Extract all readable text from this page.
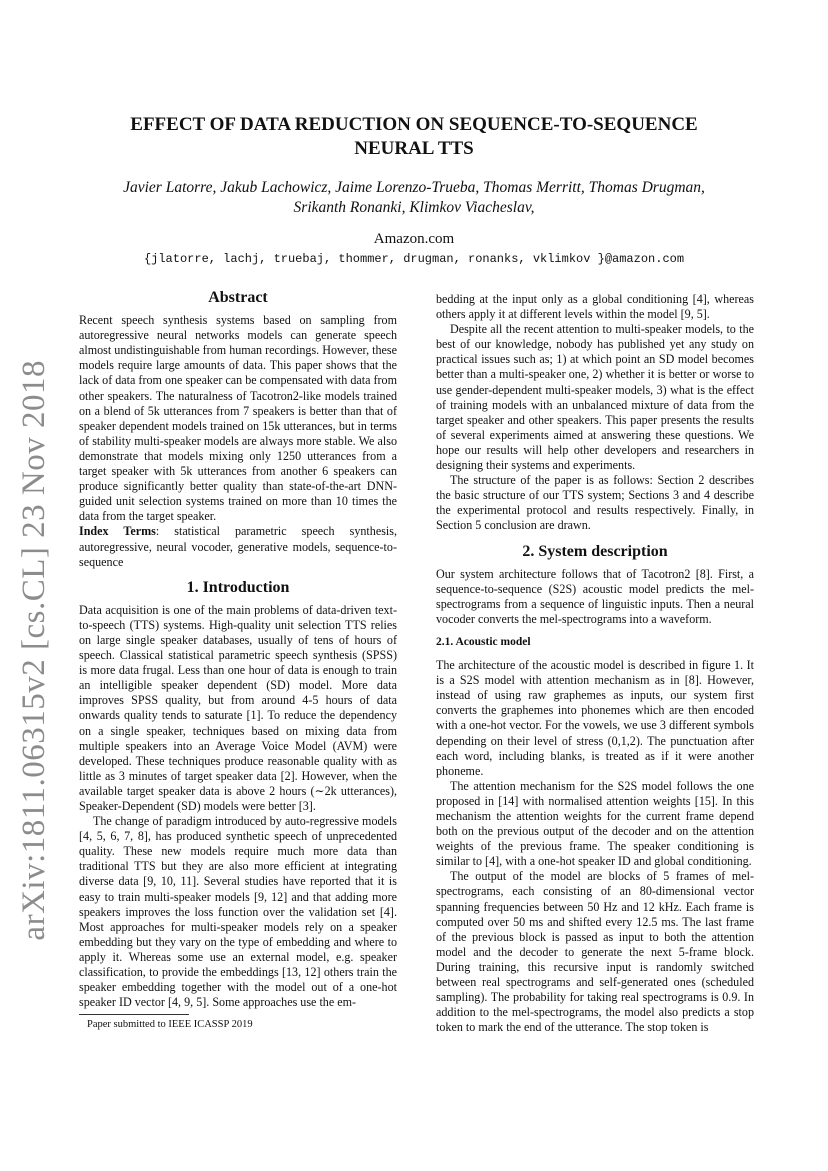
arXiv:1811.06315v2 [cs.CL] 23 Nov 2018
EFFECT OF DATA REDUCTION ON SEQUENCE-TO-SEQUENCE
NEURAL TTS
Javier Latorre, Jakub Lachowicz, Jaime Lorenzo-Trueba, Thomas Merritt, Thomas Drugman,
Srikanth Ronanki, Klimkov Viacheslav,
Amazon.com
{jlatorre, lachj, truebaj, thommer, drugman, ronanks, vklimkov }@amazon.com
Abstract

Recent speech synthesis systems based on sampling from autoregressive neural networks models can generate speech almost undistinguishable from human recordings. However, these models require large amounts of data. This paper shows that the lack of data from one speaker can be compensated with data from other speakers. The naturalness of Tacotron2-like models trained on a blend of 5k utterances from 7 speakers is better than that of speaker dependent models trained on 15k utterances, but in terms of stability multi-speaker models are always more stable. We also demonstrate that models mixing only 1250 utterances from a target speaker with 5k utterances from another 6 speakers can produce significantly better quality than state-of-the-art DNN-guided unit selection systems trained on more than 10 times the data from the target speaker.

Index Terms: statistical parametric speech synthesis, autoregressive, neural vocoder, generative models, sequence-to-sequence

1. Introduction

Data acquisition is one of the main problems of data-driven text-to-speech (TTS) systems. High-quality unit selection TTS relies on large single speaker databases, usually of tens of hours of speech. Classical statistical parametric speech synthesis (SPSS) is more data frugal. Less than one hour of data is enough to train an intelligible speaker dependent (SD) model. More data improves SPSS quality, but from around 4-5 hours of data onwards quality tends to saturate [1]. To reduce the dependency on a single speaker, techniques based on mixing data from multiple speakers into an Average Voice Model (AVM) were developed. These techniques produce reasonable quality with as little as 3 minutes of target speaker data [2]. However, when the available target speaker data is above 2 hours (∼2k utterances), Speaker-Dependent (SD) models were better [3].

The change of paradigm introduced by auto-regressive models [4, 5, 6, 7, 8], has produced synthetic speech of unprecedented quality. These new models require much more data than traditional TTS but they are also more efficient at integrating diverse data [9, 10, 11]. Several studies have reported that it is easy to train multi-speaker models [9, 12] and that adding more speakers improves the loss function over the validation set [4]. Most approaches for multi-speaker models rely on a speaker embedding but they vary on the type of embedding and where to apply it. Whereas some use an external model, e.g. speaker classification, to provide the embeddings [13, 12] others train the speaker embedding together with the model out of a one-hot speaker ID vector [4, 9, 5]. Some approaches use the em-

bedding at the input only as a global conditioning [4], whereas others apply it at different levels within the model [9, 5].

Despite all the recent attention to multi-speaker models, to the best of our knowledge, nobody has published yet any study on practical issues such as; 1) at which point an SD model becomes better than a multi-speaker one, 2) whether it is better or worse to use gender-dependent multi-speaker models, 3) what is the effect of training models with an unbalanced mixture of data from the target speaker and other speakers. This paper presents the results of several experiments aimed at answering these questions. We hope our results will help other developers and researchers in designing their systems and experiments.

The structure of the paper is as follows: Section 2 describes the basic structure of our TTS system; Sections 3 and 4 describe the experimental protocol and results respectively. Finally, in Section 5 conclusion are drawn.

2. System description

Our system architecture follows that of Tacotron2 [8]. First, a sequence-to-sequence (S2S) acoustic model predicts the mel-spectrograms from a sequence of linguistic inputs. Then a neural vocoder converts the mel-spectrograms into a waveform.

2.1. Acoustic model

The architecture of the acoustic model is described in figure 1. It is a S2S model with attention mechanism as in [8]. However, instead of using raw graphemes as inputs, our system first converts the graphemes into phonemes which are then encoded with a one-hot vector. For the vowels, we use 3 different symbols depending on their level of stress (0,1,2). The punctuation after each word, including blanks, is treated as if it were another phoneme.

The attention mechanism for the S2S model follows the one proposed in [14] with normalised attention weights [15]. In this mechanism the attention weights for the current frame depend both on the previous output of the decoder and on the attention weights of the previous frame. The speaker conditioning is similar to [4], with a one-hot speaker ID and global conditioning.

The output of the model are blocks of 5 frames of mel-spectrograms, each consisting of an 80-dimensional vector spanning frequencies between 50 Hz and 12 kHz. Each frame is computed over 50 ms and shifted every 12.5 ms. The last frame of the previous block is passed as input to both the attention model and the decoder to generate the next 5-frame block. During training, this recursive input is randomly switched between real spectrograms and self-generated ones (scheduled sampling). The probability for taking real spectrograms is 0.9. In addition to the mel-spectrograms, the model also predicts a stop token to mark the end of the utterance. The stop token is

Paper submitted to IEEE ICASSP 2019
